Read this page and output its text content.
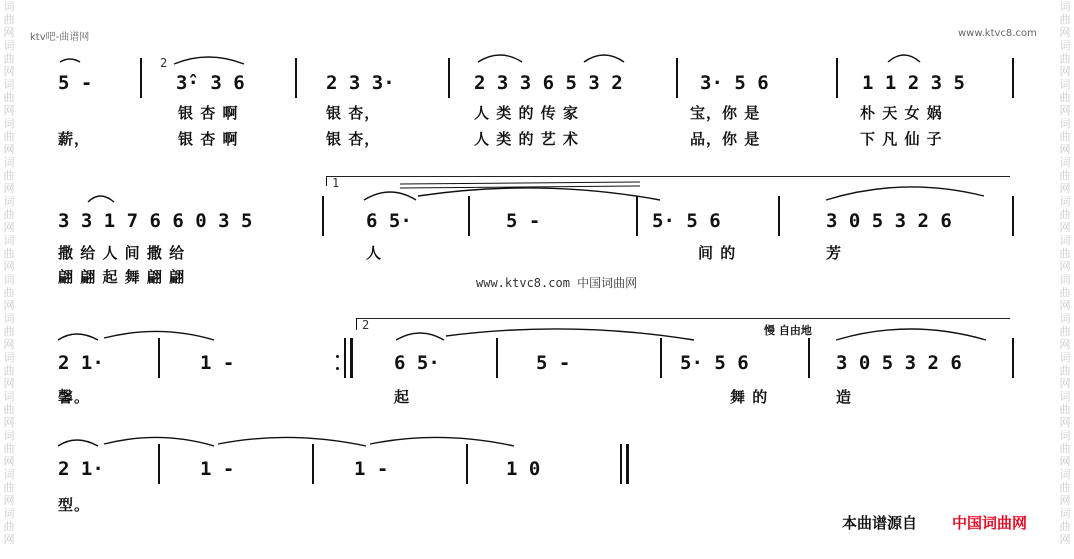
词
曲
网
词
曲
网
词
曲
网
词
曲
网
词
曲
网
词
曲
网
词
曲
网
词
曲
网
词
曲
网
词
曲
网
词
曲
网
词
曲
网
词
曲
网
词
曲
网
词
曲
网
词
曲
网
词
曲
网
词
曲
网
词
曲
网
词
曲
网
词
曲
网
词
曲
网
词
曲
网
词
曲
网
词
曲
网
词
曲
网
词
曲
网
词
曲
网
ktv吧-曲谱网	www.ktvc8.com
5 -
2
3̂· 3 6	2 3 3·	2 3 3 6 5 3 2	3· 5 6	1 1 2 3 5
银 杏 啊	银 杏，	人 类 的 传 家	宝，你 是	朴 天 女 娲
薪，	银 杏 啊	银 杏，	人 类 的 艺 术	品，你 是	下 凡 仙 子
1
3 3 1 7 6 6 0 3 5	6 5·	5 -	5· 5 6	3 0 5 3 2 6
撒 给 人 间 撒 给	人	间 的	芳
翩 翩 起 舞 翩 翩	www.ktvc8.com 中国词曲网
2	慢 自由地
2 1·	1 -	6 5·	5 -	5· 5 6	3 0 5 3 2 6
馨。	起	舞 的	造
2 1·	1 -	1 -	1 0
型。
本曲谱源自 中国词曲网
